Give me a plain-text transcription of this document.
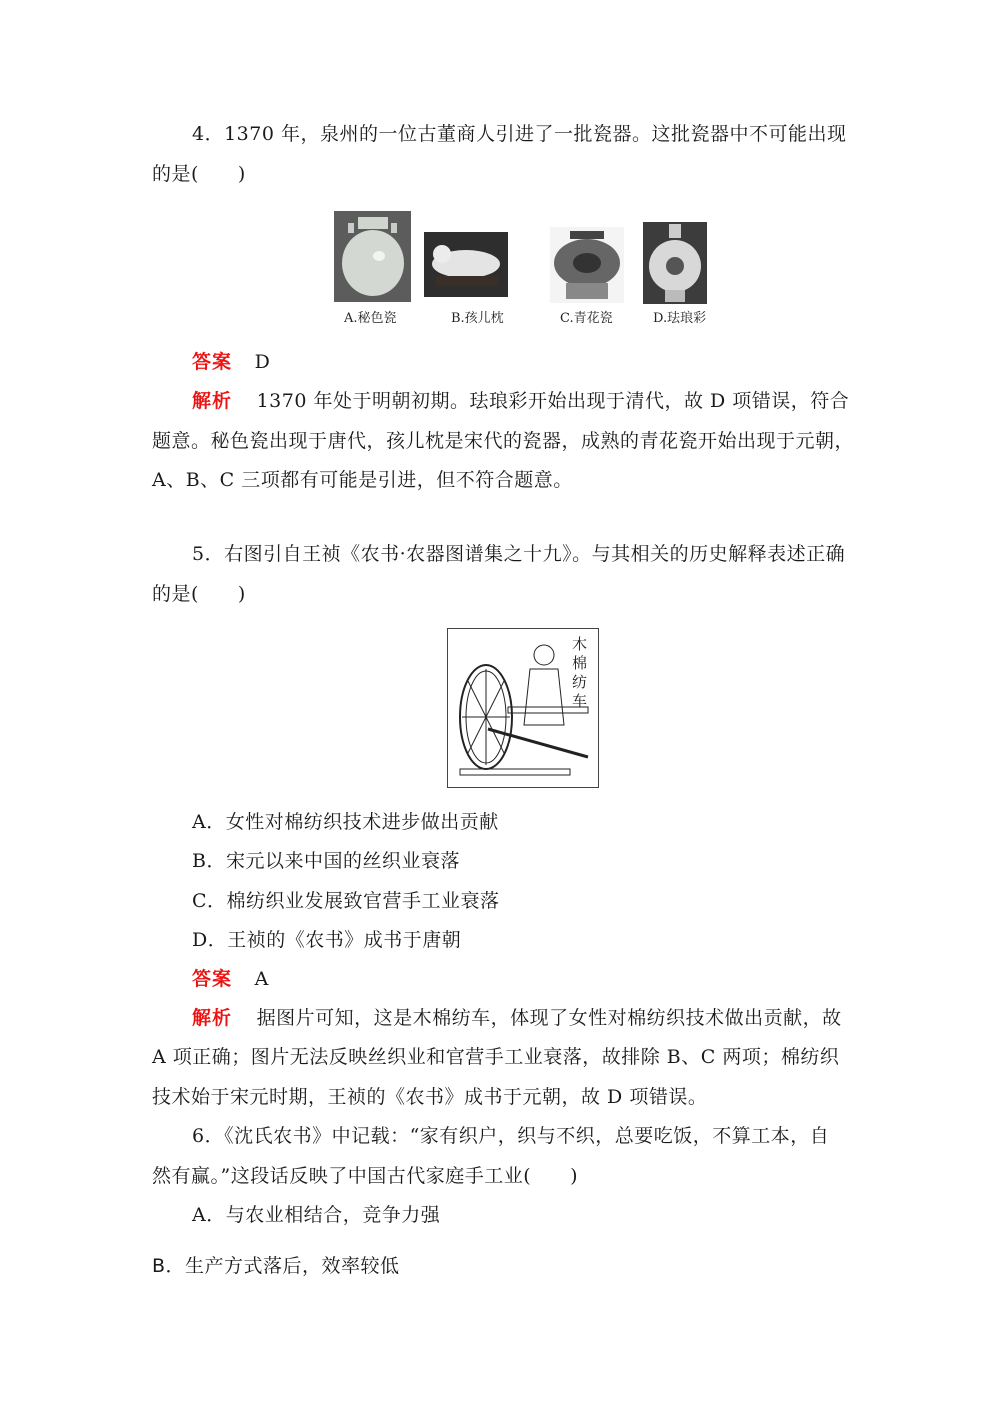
4．1370 年，泉州的一位古董商人引进了一批瓷器。这批瓷器中不可能出现
的是(　　)
A.秘色瓷	B.孩儿枕	C.青花瓷	D.珐琅彩
答案 D
解析 1370 年处于明朝初期。珐琅彩开始出现于清代，故 D 项错误，符合
题意。秘色瓷出现于唐代，孩儿枕是宋代的瓷器，成熟的青花瓷开始出现于元朝，
A、B、C 三项都有可能是引进，但不符合题意。
5．右图引自王祯《农书·农器图谱集之十九》。与其相关的历史解释表述正确
的是(　　)
木棉纺车
A．女性对棉纺织技术进步做出贡献
B．宋元以来中国的丝织业衰落
C．棉纺织业发展致官营手工业衰落
D．王祯的《农书》成书于唐朝
答案 A
解析 据图片可知，这是木棉纺车，体现了女性对棉纺织技术做出贡献，故
A 项正确；图片无法反映丝织业和官营手工业衰落，故排除 B、C 两项；棉纺织
技术始于宋元时期，王祯的《农书》成书于元朝，故 D 项错误。
6．《沈氏农书》中记载：“家有织户，织与不织，总要吃饭，不算工本，自
然有赢。”这段话反映了中国古代家庭手工业(　　)
A．与农业相结合，竞争力强
B．生产方式落后，效率较低
